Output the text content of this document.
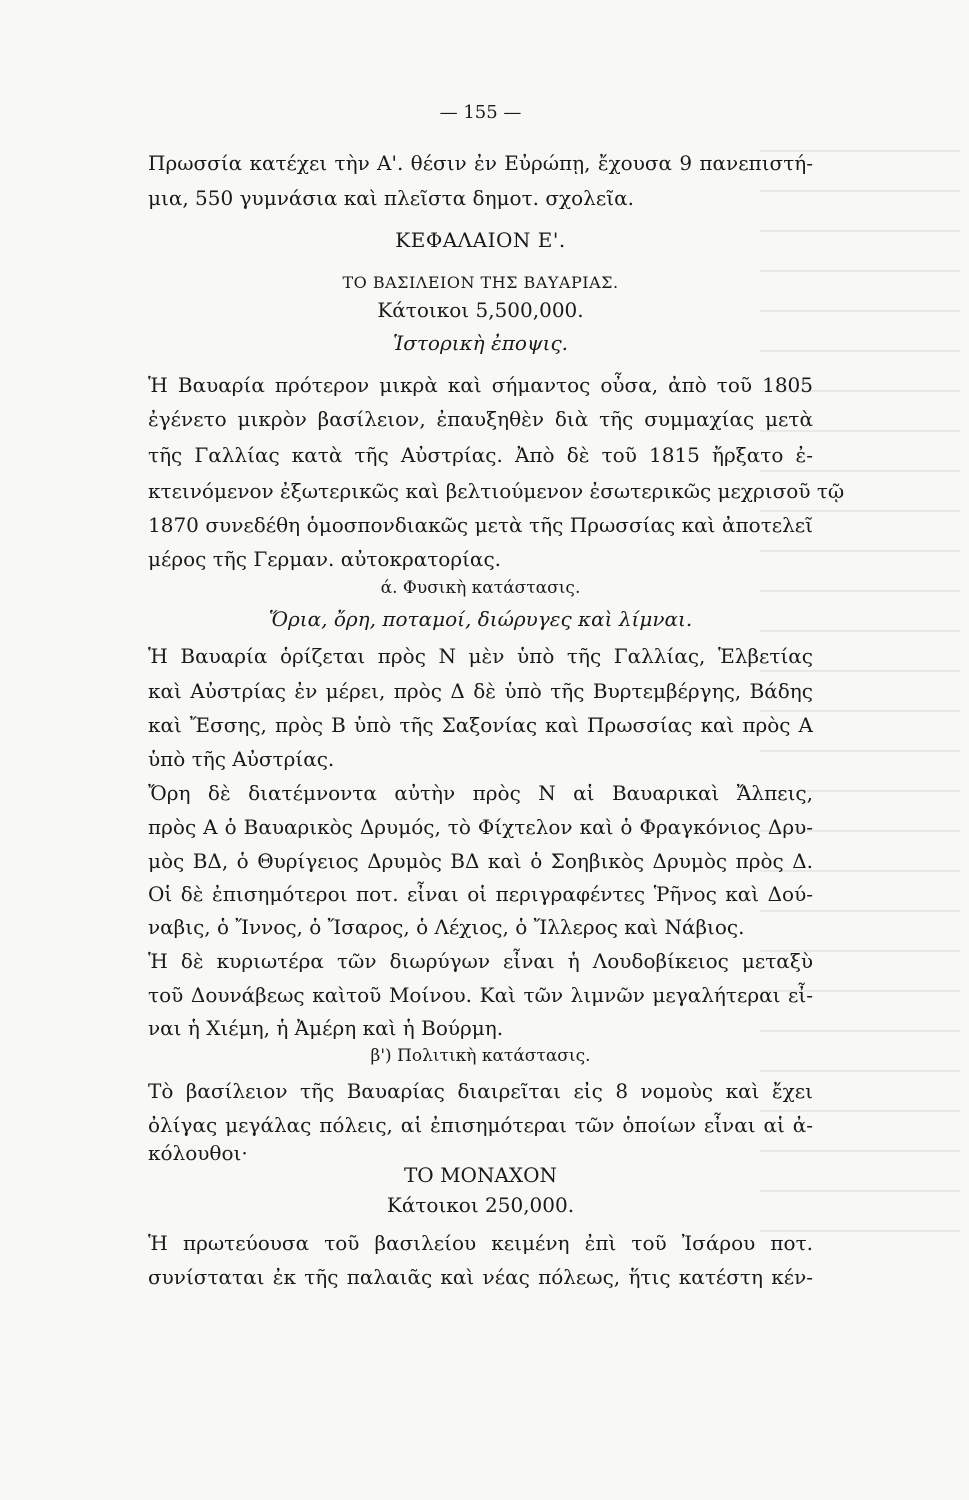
— 155 —
Πρωσσία κατέχει τὴν Α'. θέσιν ἐν Εὐρώπῃ, ἔχουσα 9 πανεπιστή-
μια, 550 γυμνάσια καὶ πλεῖστα δημοτ. σχολεῖα.
ΚΕΦΑΛΑΙΟΝ Ε'.
ΤΟ ΒΑΣΙΛΕΙΟΝ ΤΗΣ ΒΑΥΑΡΙΑΣ.
Κάτοικοι 5,500,000.
Ἱστορικὴ ἐποψις.
Ἡ Βαυαρία πρότερον μικρὰ καὶ σήμαντος οὖσα, ἀπὸ τοῦ 1805
ἐγένετο μικρὸν βασίλειον, ἐπαυξηθὲν διὰ τῆς συμμαχίας μετὰ
τῆς Γαλλίας κατὰ τῆς Αὐστρίας. Ἀπὸ δὲ τοῦ 1815 ἤρξατο ἐ-
κτεινόμενον ἐξωτερικῶς καὶ βελτιούμενον ἐσωτερικῶς μεχρισοῦ τῷ
1870 συνεδέθη ὁμοσπονδιακῶς μετὰ τῆς Πρωσσίας καὶ ἀποτελεῖ
μέρος τῆς Γερμαν. αὐτοκρατορίας.
ά. Φυσικὴ κατάστασις.
Ὅρια, ὄρη, ποταμοί, διώρυγες καὶ λίμναι.
Ἡ Βαυαρία ὁρίζεται πρὸς Ν μὲν ὑπὸ τῆς Γαλλίας, Ἑλβετίας
καὶ Αὐστρίας ἐν μέρει, πρὸς Δ δὲ ὑπὸ τῆς Βυρτεμβέργης, Βάδης
καὶ Ἔσσης, πρὸς Β ὑπὸ τῆς Σαξονίας καὶ Πρωσσίας καὶ πρὸς Α
ὑπὸ τῆς Αὐστρίας.
Ὄρη δὲ διατέμνοντα αὐτὴν πρὸς Ν αἱ Βαυαρικαὶ Ἄλπεις,
πρὸς Α ὁ Βαυαρικὸς Δρυμός, τὸ Φίχτελον καὶ ὁ Φραγκόνιος Δρυ-
μὸς ΒΔ, ὁ Θυρίγειος Δρυμὸς ΒΔ καὶ ὁ Σοηβικὸς Δρυμὸς πρὸς Δ.
Οἱ δὲ ἐπισημότεροι ποτ. εἶναι οἱ περιγραφέντες Ῥῆνος καὶ Δού-
ναβις, ὁ Ἴννος, ὁ Ἴσαρος, ὁ Λέχιος, ὁ Ἴλλερος καὶ Νάβιος.
Ἡ δὲ κυριωτέρα τῶν διωρύγων εἶναι ἡ Λουδοβίκειος μεταξὺ
τοῦ Δουνάβεως καὶτοῦ Μοίνου. Καὶ τῶν λιμνῶν μεγαλήτεραι εἶ-
ναι ἡ Χιέμη, ἡ Ἀμέρη καὶ ἡ Βούρμη.
β') Πολιτικὴ κατάστασις.
Τὸ βασίλειον τῆς Βαυαρίας διαιρεῖται εἰς 8 νομοὺς καὶ ἔχει
ὀλίγας μεγάλας πόλεις, αἱ ἐπισημότεραι τῶν ὁποίων εἶναι αἱ ἀ-
κόλουθοι·
ΤΟ ΜΟΝΑΧΟΝ
Κάτοικοι 250,000.
Ἡ πρωτεύουσα τοῦ βασιλείου κειμένη ἐπὶ τοῦ Ἰσάρου ποτ.
συνίσταται ἐκ τῆς παλαιᾶς καὶ νέας πόλεως, ἥτις κατέστη κέν-
